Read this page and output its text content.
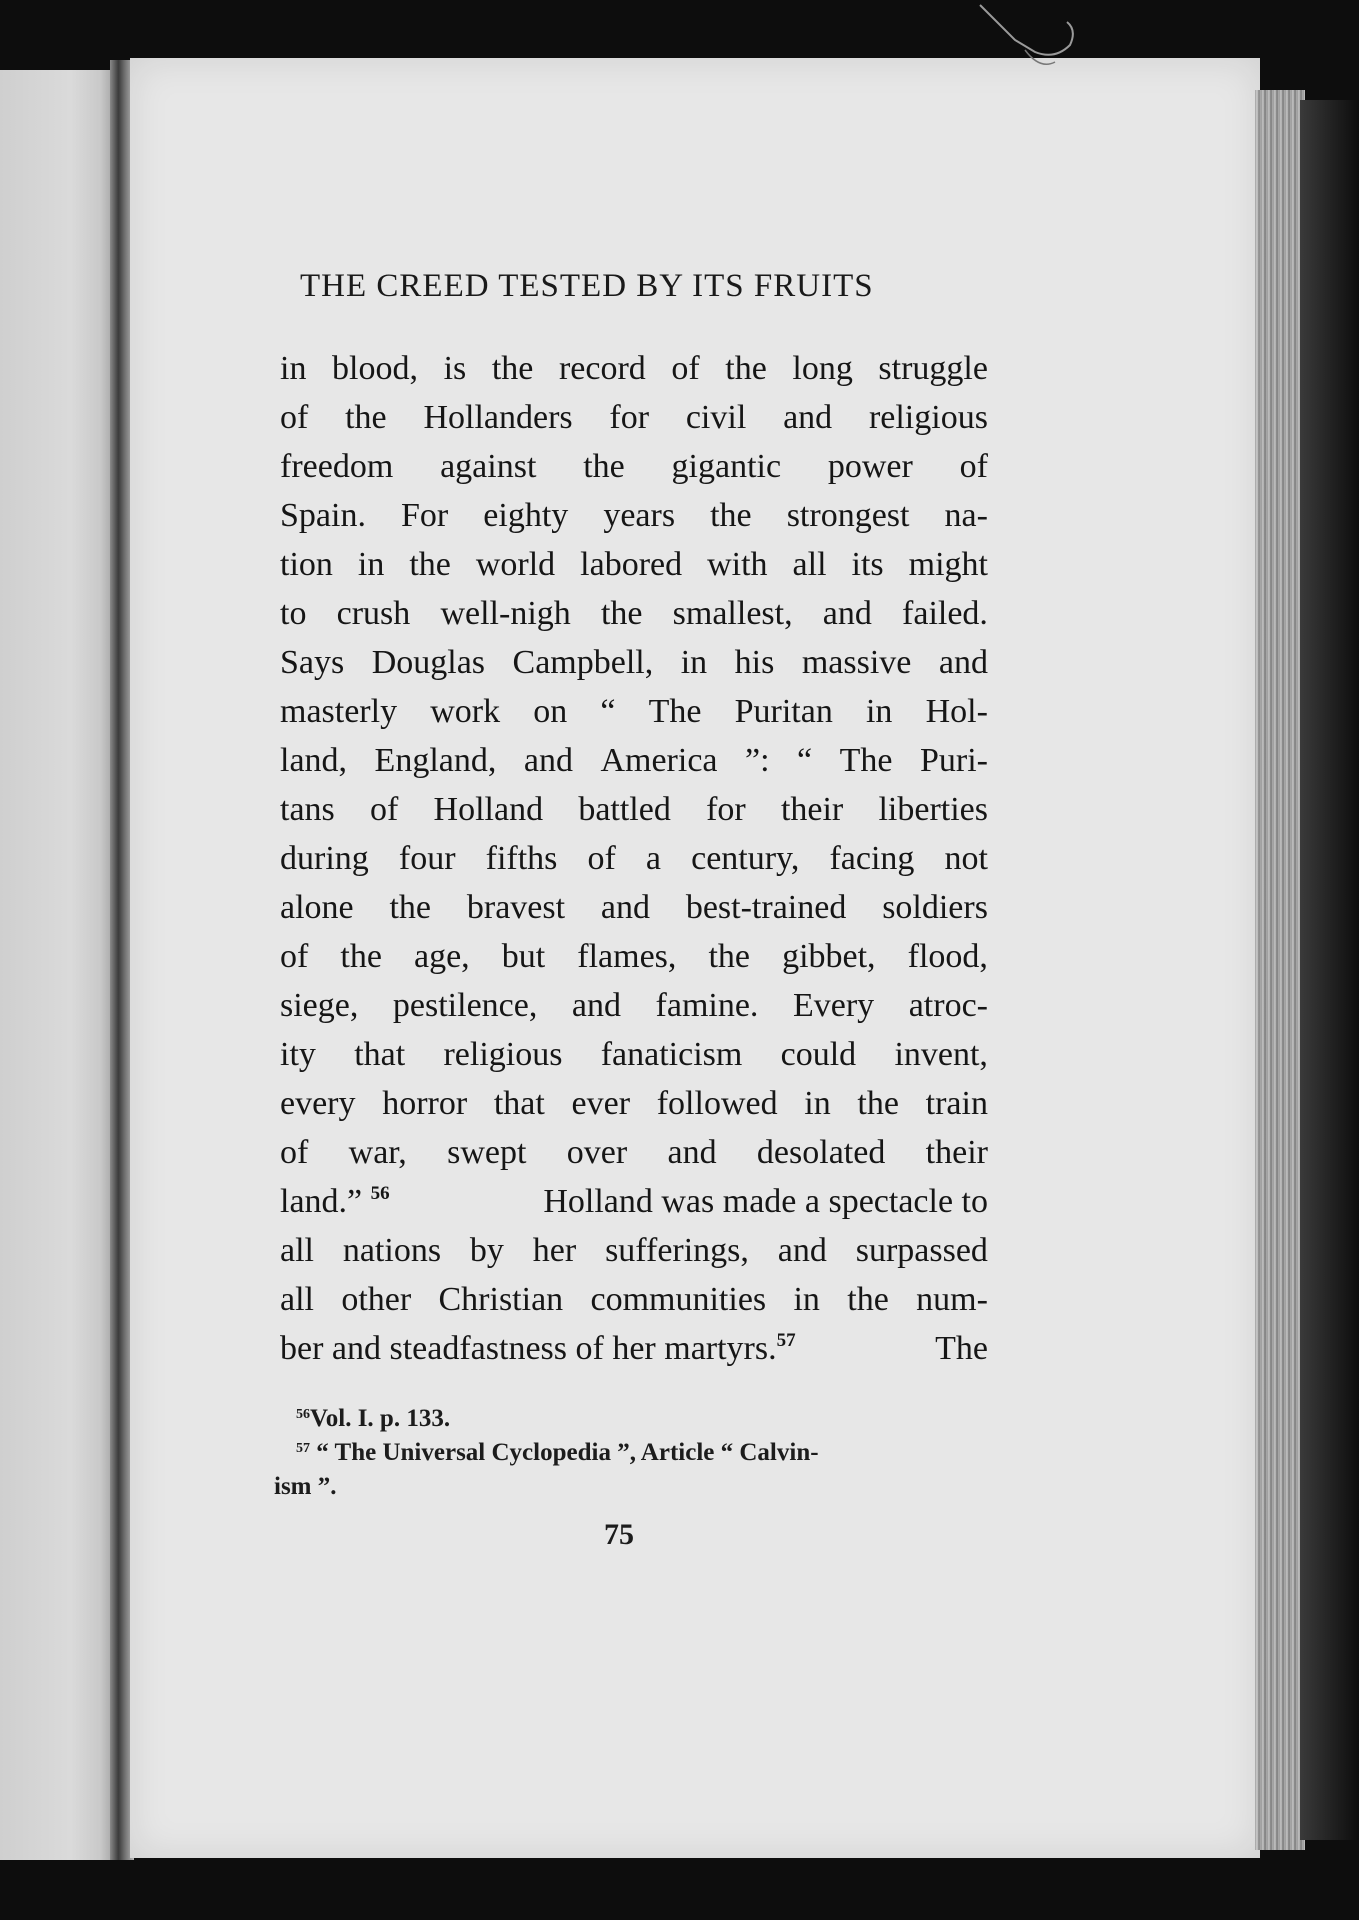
THE CREED TESTED BY ITS FRUITS
in blood, is the record of the long struggle
of the Hollanders for civil and religious
freedom against the gigantic power of
Spain. For eighty years the strongest na-
tion in the world labored with all its might
to crush well-nigh the smallest, and failed.
Says Douglas Campbell, in his massive and
masterly work on “ The Puritan in Hol-
land, England, and America ”: “ The Puri-
tans of Holland battled for their liberties
during four fifths of a century, facing not
alone the bravest and best-trained soldiers
of the age, but flames, the gibbet, flood,
siege, pestilence, and famine. Every atroc-
ity that religious fanaticism could invent,
every horror that ever followed in the train
of war, swept over and desolated their
land.” $^{56}$	Holland was made a spectacle to
all nations by her sufferings, and surpassed
all other Christian communities in the num-
ber and steadfastness of her martyrs.$^{57}$	The
$^{56}$Vol. I. p. 133.
$^{57}$ “ The Universal Cyclopedia ”, Article “ Calvin-
ism ”.
75
